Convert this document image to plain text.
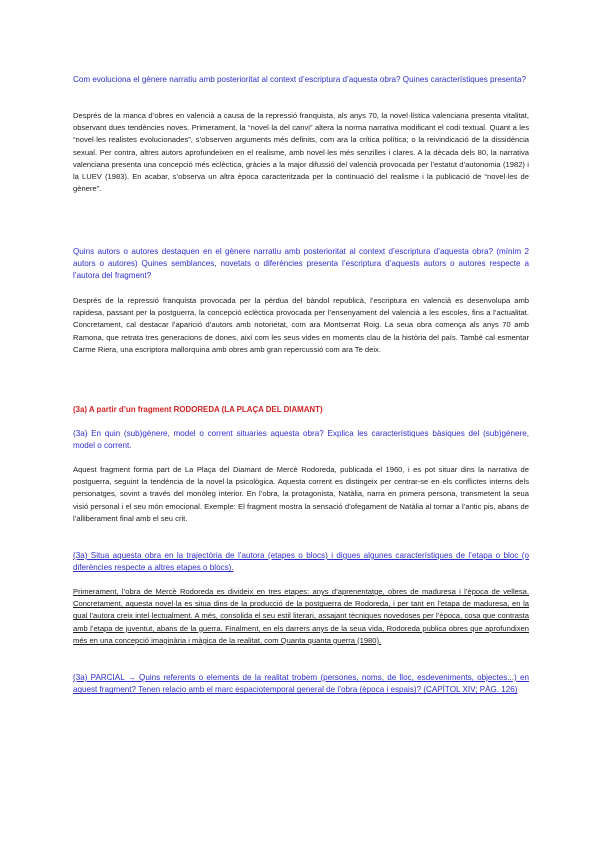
Com evoluciona el gènere narratiu amb posterioritat al context d’escriptura d’aquesta obra? Quines característiques presenta?

Després de la manca d’obres en valencià a causa de la repressió franquista, als anys 70, la novel·lística valenciana presenta vitalitat, observant dues tendències noves. Primerament, la “novel·la del canvi” altera la norma narrativa modificant el codi textual. Quant a les “novel·les realistes evolucionades”, s’observen arguments més definits, com ara la crítica política; o la reivindicació de la dissidència sexual. Per contra, altres autors aprofundeixen en el realisme, amb novel·les més senzilles i clares. A la dècada dels 80, la narrativa valenciana presenta una concepció més eclèctica, gràcies a la major difussió del valencià provocada per l’estatut d’autonomia (1982) i la LUEV (1983). En acabar, s’observa un altra època caracteritzada per la continuació del realisme i la publicació de “novel·les de gènere”.

Quins autors o autores destaquen en el gènere narratiu amb posterioritat al context d’escriptura d’aquesta obra? (mínim 2 autors o autores) Quines semblances, novetats o diferències presenta l’escriptura d’aquests autors o autores respecte a l’autora del fragment?

Després de la repressió franquista provocada per la pèrdua del bàndol republicà, l’escriptura en valencià es desenvolupa amb rapidesa, passant per la postguerra, la concepció eclèctica provocada per l’ensenyament del valencià a les escoles, fins a l’actualitat. Concretament, cal destacar l’aparició d’autors amb notorietat, com ara Montserrat Roig. La seua obra comença als anys 70 amb Ramona, que retrata tres generacions de dones, així com les seus vides en moments clau de la història del país. També cal esmentar Carme Riera, una escriptora mallorquina amb obres amb gran repercussió com ara Te deix.

(3a) A partir d’un fragment RODOREDA (LA PLAÇA DEL DIAMANT)

(3a) En quin (sub)gènere, model o corrent situaries aquesta obra? Explica les característiques bàsiques del (sub)gènere, model o corrent.

Aquest fragment forma part de La Plaça del Diamant de Mercè Rodoreda, publicada el 1960, i es pot situar dins la narrativa de postguerra, seguint la tendència de la novel·la psicològica. Aquesta corrent es distingeix per centrar-se en els conflictes interns dels personatges, sovint a través del monòleg interior. En l’obra, la protagonista, Natàlia, narra en primera persona, transmetent la seua visió personal i el seu món emocional. Exemple: El fragment mostra la sensació d’ofegament de Natàlia al tornar a l’antic pis, abans de l’alliberament final amb el seu crit.

(3a) Situa aquesta obra en la trajectòria de l’autora (etapes o blocs) i digues algunes característiques de l’etapa o bloc (o diferències respecte a altres etapes o blocs).

Primerament, l’obra de Mercè Rodoreda es divideix en tres etapes: anys d’aprenentatge, obres de maduresa i l’època de vellesa. Concretament, aquesta novel·la es situa dins de la producció de la postguerra de Rodoreda, i per tant en l’etapa de maduresa, en la qual l’autora creix intel·lectualment. A més, consolida el seu estil literari, assajant tècniques novedoses per l’època, cosa que contrasta amb l’etapa de juventut, abans de la guerra. Finalment, en els darrers anys de la seua vida, Rodoreda publica obres que aprofundixen més en una concepció imaginària i màgica de la realitat, com Quanta quanta guerra (1980).

(3a) PARCIAL → Quins referents o elements de la realitat trobem (persones, noms, de lloc, esdeveniments, objectes...) en aquest fragment? Tenen relacio amb el marc espaciotemporal general de l’obra (època i espais)? (CAPÍTOL XIV; PÀG. 126)
